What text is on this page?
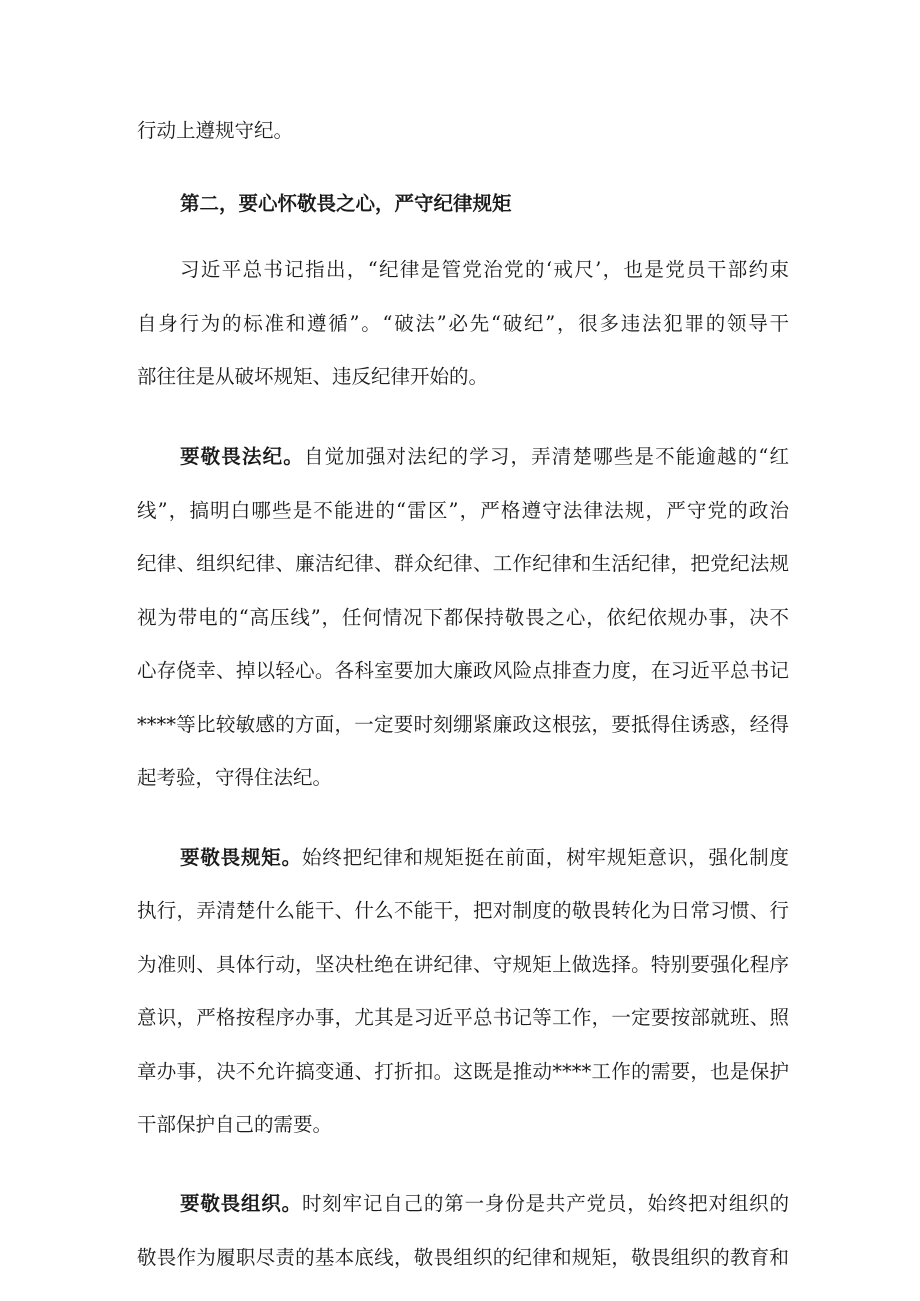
行动上遵规守纪。
第二，要心怀敬畏之心，严守纪律规矩
习近平总书记指出，“纪律是管党治党的‘戒尺’，也是党员干部约束
自身行为的标准和遵循”。“破法”必先“破纪”，很多违法犯罪的领导干
部往往是从破坏规矩、违反纪律开始的。
要敬畏法纪。自觉加强对法纪的学习，弄清楚哪些是不能逾越的“红
线”，搞明白哪些是不能进的“雷区”，严格遵守法律法规，严守党的政治
纪律、组织纪律、廉洁纪律、群众纪律、工作纪律和生活纪律，把党纪法规
视为带电的“高压线”，任何情况下都保持敬畏之心，依纪依规办事，决不
心存侥幸、掉以轻心。各科室要加大廉政风险点排查力度，在习近平总书记
****等比较敏感的方面，一定要时刻绷紧廉政这根弦，要抵得住诱惑，经得
起考验，守得住法纪。
要敬畏规矩。始终把纪律和规矩挺在前面，树牢规矩意识，强化制度
执行，弄清楚什么能干、什么不能干，把对制度的敬畏转化为日常习惯、行
为准则、具体行动，坚决杜绝在讲纪律、守规矩上做选择。特别要强化程序
意识，严格按程序办事，尤其是习近平总书记等工作，一定要按部就班、照
章办事，决不允许搞变通、打折扣。这既是推动****工作的需要，也是保护
干部保护自己的需要。
要敬畏组织。时刻牢记自己的第一身份是共产党员，始终把对组织的
敬畏作为履职尽责的基本底线，敬畏组织的纪律和规矩，敬畏组织的教育和
